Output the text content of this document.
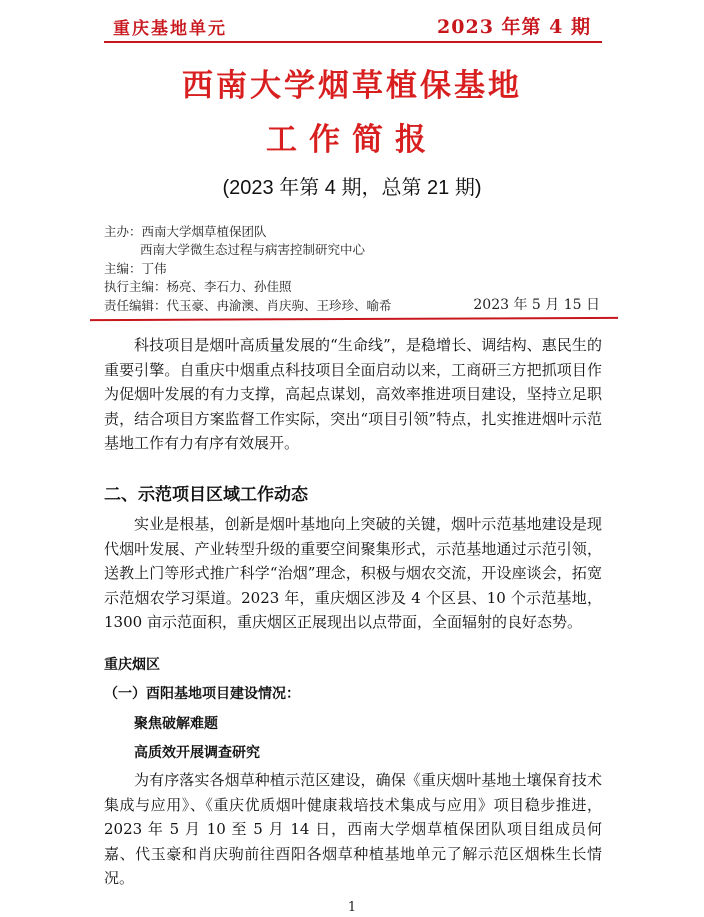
重庆基地单元	2023 年第 4 期
西南大学烟草植保基地
工作简报
(2023 年第 4 期，总第 21 期)
主办：西南大学烟草植保团队
西南大学微生态过程与病害控制研究中心
主编：丁伟
执行主编：杨亮、李石力、孙佳照
责任编辑：代玉豪、冉渝澳、肖庆驹、王珍珍、喻希	2023 年 5 月 15 日
科技项目是烟叶高质量发展的“生命线”，是稳增长、调结构、惠民生的重要引擎。自重庆中烟重点科技项目全面启动以来，工商研三方把抓项目作为促烟叶发展的有力支撑，高起点谋划，高效率推进项目建设，坚持立足职责，结合项目方案监督工作实际，突出“项目引领”特点，扎实推进烟叶示范基地工作有力有序有效展开。
二、示范项目区域工作动态
实业是根基，创新是烟叶基地向上突破的关键，烟叶示范基地建设是现代烟叶发展、产业转型升级的重要空间聚集形式，示范基地通过示范引领，送教上门等形式推广科学“治烟”理念，积极与烟农交流，开设座谈会，拓宽示范烟农学习渠道。2023 年，重庆烟区涉及 4 个区县、10 个示范基地，1300 亩示范面积，重庆烟区正展现出以点带面，全面辐射的良好态势。
重庆烟区
（一）酉阳基地项目建设情况：
聚焦破解难题
高质效开展调查研究
为有序落实各烟草种植示范区建设，确保《重庆烟叶基地土壤保育技术集成与应用》、《重庆优质烟叶健康栽培技术集成与应用》项目稳步推进，2023 年 5 月 10 至 5 月 14 日，西南大学烟草植保团队项目组成员何嘉、代玉豪和肖庆驹前往酉阳各烟草种植基地单元了解示范区烟株生长情况。
1
